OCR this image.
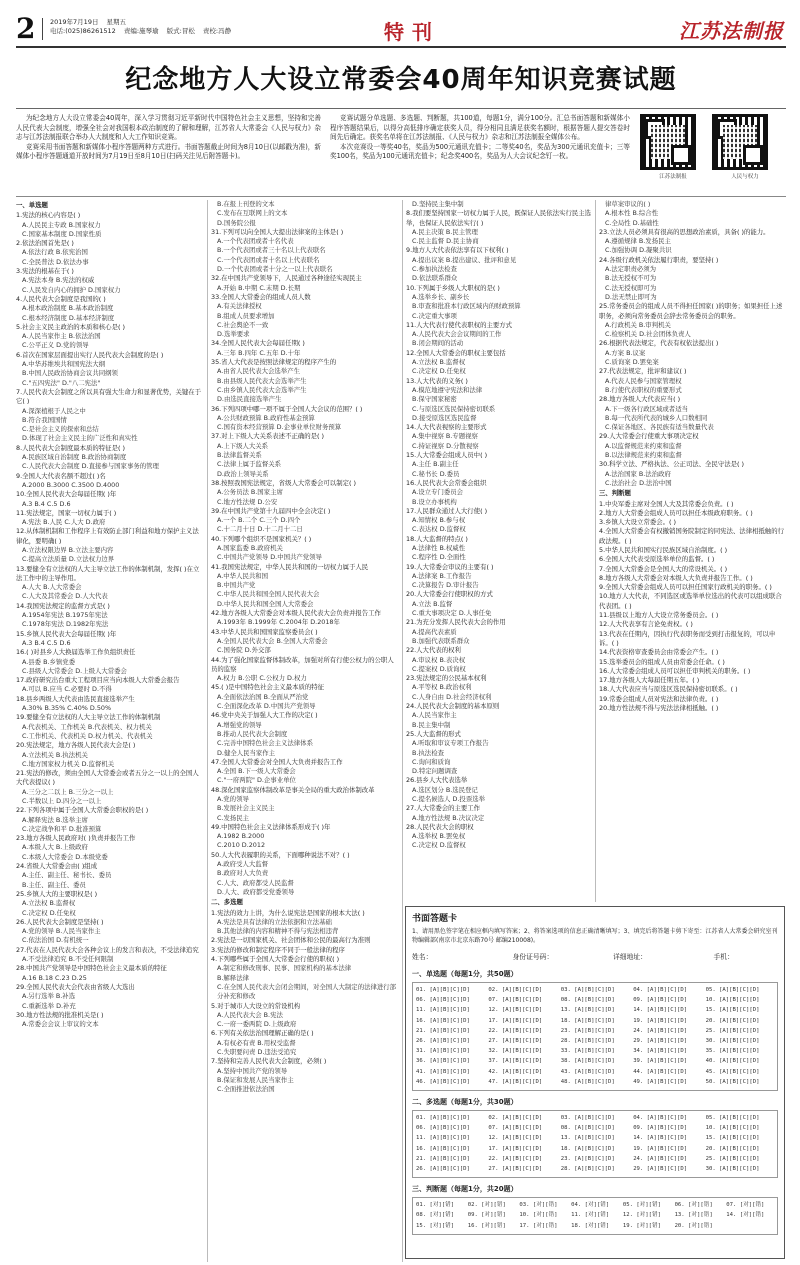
2 2019年7月19日 星期五
电话:(025)86261512 责编:施琴瑜 版式:冒松 责校:冯静	特刊	江苏法制报
纪念地方人大设立常委会40周年知识竞赛试题

为纪念地方人大设立常委会40周年，深入学习贯彻习近平新时代中国特色社会主义思想，坚持和完善人民代表大会制度，增强全社会对我国根本政治制度的了解和理解，江苏省人大常委会《人民与权力》杂志与江苏法制报联合举办人大制度和人大工作知识竞赛。

竞赛采用书面答题和新媒体小程序答题两种方式进行。书面答题截止时间为8月10日(以邮戳为准)，新媒体小程序答题通道开放时间为7月19日至8月10日(扫码关注见后附答题卡)。

竞赛试题分单选题、多选题、判断题，共100道，每题1分，满分100分。汇总书面答题和新媒体小程序答题结果后，以得分高低排序确定获奖人员，得分相同且满足获奖名额时，根据答题人提交答卷时间先后确定。获奖名单将在江苏法制报、《人民与权力》杂志和江苏法制报全媒体公布。

本次竞赛设一等奖40名，奖品为500元通讯充值卡；二等奖40名，奖品为300元通讯充值卡；三等奖100名，奖品为100元通讯充值卡；纪念奖400名，奖品为人大会议纪念钉一枚。

江苏法制报	人民与权力
一、单选题
1.宪法的核心内容是( )
A.人民民主专政 B.国家权力
C.国家基本制度 D.国家性质
2.依法治国首先是( )
A.依法行政 B.依宪治国
C.全民普法 D.依法办事
3.宪法的根基在于( )
A.宪法本身 B.宪法的权威
C.人民发自内心的拥护 D.国家权力
4.人民代表大会制度是我国的( )
A.根本政治制度 B.基本政治制度
C.根本经济制度 D.基本经济制度
5.社会主义民主政治的本质和核心是( )
A.人民当家作主 B.依法治国
C.公平正义 D.党的领导
6.首次在国家层面提出实行人民代表大会制度的是( )
A.中华苏维埃共和国宪法大纲
B.中国人民政治协商会议共同纲领
C."五四宪法" D."八二宪法"
7.人民代表大会制度之所以具有强大生命力和显著优势，关键在于它( )
A.深深植根于人民之中
B.符合我国国情
C.是社会主义的探索和总结
D.体现了社会主义民主的广泛性和真实性
8.人民代表大会制度最本质的特征是( )
A.民族区域自治制度 B.政治协商制度
C.人民代表大会制度 D.直接参与国家事务的管理
9.全国人大代表名额不超过( )名
A.2000 B.3000 C.3500 D.4000
10.全国人民代表大会每届任期( )年
A.3 B.4 C.5 D.6
11.宪法规定，国家一切权力属于( )
A.宪法 B.人民 C.人大 D.政府
12.从体制机制和工作程序上有效防止部门利益和地方保护主义法律化，要明确( )
A.立法权限边界 B.立法主要内容
C.提高立法质量 D.立法权力边界
13.要健全有立法权的人大主导立法工作的体制机制，发挥( )在立法工作中的主导作用。
A.人大 B.人大常委会
C.人大及其常委会 D.人大代表
14.我国宪法规定的监督方式是( )
A.1954年宪法 B.1975年宪法
C.1978年宪法 D.1982年宪法
15.乡镇人民代表大会每届任期( )年
A.3 B.4 C.5 D.6
16.( )对县乡人大换届选举工作负组织责任
A.县委 B.乡镇党委
C.县级人大常委会 D.上级人大常委会
17.政府研究出台重大工程项目应当向本级人大常委会报告
A.可以 B.应当 C.必要时 D.不得
18.县乡两级人大代表由选民直接选举产生
A.30% B.35% C.40% D.50%
19.要健全有立法权的人大主导立法工作的体制机制
A.代表机关、工作机关 B.代表机关、权力机关
C.工作机关、代表机关 D.权力机关、代表机关
20.宪法规定，地方各级人民代表大会是( )
A.立法机关 B.执法机关
C.地方国家权力机关 D.监督机关
21.宪法的修改，须由全国人大常委会或者五分之一以上的全国人大代表提议( )
A.三分之二以上 B.三分之一以上
C.半数以上 D.四分之一以上
22.下列各项中属于全国人大常委会职权的是( )
A.解释宪法 B.选举主席
C.决定战争和平 D.批准预算
23.地方各级人民政府对( )负责并报告工作
A.本级人大 B.上级政府
C.本级人大常委会 D.本级党委
24.省级人大常委会由( )组成
A.主任、副主任、秘书长、委员
B.主任、副主任、委员
25.乡镇人大的主要职权是( )
A.立法权 B.监督权
C.决定权 D.任免权
26.人民代表大会制度是坚持( )
A.党的领导 B.人民当家作主
C.依法治国 D.有机统一
27.代表在人民代表大会各种会议上的发言和表决，不受法律追究
A.不受法律追究 B.不受任何限制
28.中国共产党领导是中国特色社会主义最本质的特征
A.16 B.18 C.23 D.25
29.全国人民代表大会代表由省级人大选出
A.另行选举 B.补选
C.重新选举 D.补充
30.地方性法规的批准机关是( )
A.常委会会议上审议的文本
B.在报上刊登的文本
C.发布在互联网上的文本
D.国务院公报
31.下列可以向全国人大提出法律案的主体是( )
A.一个代表团或者十名代表
B.一个代表团或者三十名以上代表联名
C.一个代表团或者十名以上代表联名
D.一个代表团或者十分之一以上代表联名
32.在中国共产党领导下，人民通过各种途径实现民主
A.开始 B.中期 C.末期 D.长期
33.全国人大常委会的组成人员人数
A.有关法律授权
B.组成人员要求增加
C.社会舆论不一致
D.选举要求
34.全国人民代表大会每届任期( )
A.三年 B.四年 C.五年 D.十年
35.省人大代表是按照法律规定的程序产生的
A.由省人民代表大会选举产生
B.由县级人民代表大会选举产生
C.由乡镇人民代表大会选举产生
D.由选民直接选举产生
36.下列四项中哪一项不属于全国人大会议的范围？( )
A.公共财政预算 B.政府性基金预算
C.国有资本经营预算 D.企事业单位财务预算
37.对上下级人大关系表述不正确的是( )
A.上下级人大关系
B.法律监督关系
C.法律上属于监督关系
D.政治上领导关系
38.按照我国宪法规定，省级人大常委会可以制定( )
A.公务员法 B.国家主席
C.地方性法规 D.公安
39.在中国共产党第十九届四中全会决定( )
A.一个 B.二个 C.三个 D.四个
C.十二月十日 D.十二月十二日
40.下列哪个组织不是国家机关？( )
A.国家监委 B.政府机关
C.中国共产党领导 D.中国共产党领导
41.我国宪法规定，中华人民共和国的一切权力属于人民
A.中华人民共和国
B.中国共产党
C.中华人民共和国全国人民代表大会
D.中华人民共和国全国人大常委会
42.地方各级人大常委会对本级人民代表大会负责并报告工作
A.1993年 B.1999年 C.2004年 D.2018年
43.中华人民共和国国家监察委员会( )
A.全国人民代表大会 B.全国人大常委会
C.国务院 D.外交部
44.为了强化国家监督体制改革，加强对所有行使公权力的公职人员的监察
A.权力 B.公职 C.公权力 D.权力
45.( )是中国特色社会主义最本质的特征
A.全面依法治国 B.全面从严治党
C.全面深化改革 D.中国共产党领导
46.党中央关于加强人大工作的决定( )
A.增强党的领导
B.推动人民代表大会制度
C.完善中国特色社会主义法律体系
D.健全人民当家作主
47.全国人大常委会对全国人大负责并报告工作
A.全国 B.下一级人大常委会
C."一府两院" D.企事业单位
48.深化国家监察体制改革是事关全局的重大政治体制改革
A.党的领导
B.发展社会主义民主
C.发扬民主
49.中国特色社会主义法律体系形成于( )年
A.1982 B.2000
C.2010 D.2012
50.人大代表履职的关系，下面哪种说法不对？( )
A.政府受人大监督
B.政府对人大负责
C.人大、政府都受人民监督
D.人大、政府都受党委领导
二、多选题
1.宪法的效力上讲，为什么说宪法是国家的根本大法( )
A.宪法是具有法律的立法依据和立法基础
B.其他法律的内容和精神不得与宪法相违背
2.宪法是一切国家机关、社会团体和公民的最高行为准则
3.宪法的修改和制定程序不同于一般法律的程序
4.下列哪些属于全国人大常委会行使的职权( )
A.制定和修改刑事、民事、国家机构的基本法律
B.解释法律
C.在全国人民代表大会闭会期间，对全国人大制定的法律进行部分补充和修改
5.对于城市人大设立的常设机构
A.人民代表大会 B.宪法
C.一府一委两院 D.上级政府
6.下列有关依法治国理解正确的是( )
A.有权必有责 B.用权受监督
C.失职要问责 D.违法受追究
7.坚持和完善人民代表大会制度，必须( )
A.坚持中国共产党的领导
B.保证和发展人民当家作主
C.全面推进依法治国
D.坚持民主集中制
8.我们要坚持国家一切权力属于人民，既保证人民依法实行民主选举，也保证人民依法实行( )
A.民主决策 B.民主管理
C.民主监督 D.民主协商
9.地方人大代表依法享有以下权利( )
A.提出议案 B.提出建议、批评和意见
C.参加执法检查
D.依法联系群众
10.下列属于乡级人大职权的是( )
A.选举乡长、副乡长
B.审查和批准本行政区域内的财政预算
C.决定重大事项
11.人大代表行使代表职权的主要方式
A.人民代表大会会议期间的工作
B.闭会期间的活动
12.全国人大常委会的职权主要包括
A.立法权 B.监督权
C.决定权 D.任免权
13.人大代表的义务( )
A.模范地遵守宪法和法律
B.保守国家秘密
C.与原选区选民保持密切联系
D.接受原选区选民监督
14.人大代表视察的主要形式
A.集中视察 B.专题视察
C.持证视察 D.分散视察
15.人大常委会组成人员中( )
A.主任 B.副主任
C.秘书长 D.委员
16.人民代表大会常委会组织
A.设立专门委员会
B.设立办事机构
17.人民群众通过人大行使( )
A.知情权 B.参与权
C.表达权 D.监督权
18.人大监督的特点( )
A.法律性 B.权威性
C.程序性 D.全面性
19.人大常委会审议的主要有( )
A.法律案 B.工作报告
C.决算报告 D.审计报告
20.人大常委会行使职权的方式
A.立法 B.监督
C.重大事项决定 D.人事任免
21.为充分发挥人民代表大会的作用
A.提高代表素质
B.加强代表联系群众
22.人大代表的权利
A.审议权 B.表决权
C.提案权 D.质询权
23.宪法规定的公民基本权利
A.平等权 B.政治权利
C.人身自由 D.社会经济权利
24.人民代表大会制度的基本原则
A.人民当家作主
B.民主集中制
25.人大监督的形式
A.听取和审议专项工作报告
B.执法检查
C.询问和质询
D.特定问题调查
26.县乡人大代表选举
A.选区划分 B.选民登记
C.提名候选人 D.投票选举
27.人大常委会的主要工作
A.地方性法规 B.决议决定
28.人民代表大会的职权
A.选举权 B.罢免权
C.决定权 D.监督权
律草案审议的( )
A.根本性 B.综合性
C.全局性 D.基础性
23.立法人员必须具有很高的思想政治素质，具备( )的能力。
A.遵循规律 B.发扬民主
C.加强协调 D.凝聚共识
24.各级行政机关依法履行职责，要坚持( )
A.法定职责必须为
B.法无授权不可为
C.法无授权即可为
D.法无禁止即可为
25.常务委员会的组成人员不得担任国家( )的职务；如果担任上述职务，必须向常务委员会辞去常务委员会的职务。
A.行政机关 B.审判机关
C.检察机关 D.社会团体负责人
26.根据代表法规定，代表有权依法提出( )
A.方案 B.议案
C.质询案 D.罢免案
27.代表法规定，批评和建议( )
A.代表人民参与国家管理权
B.行使代表职权的重要形式
28.地方各级人大代表应当( )
A.下一级各行政区域或者适当
B.每一代表所代表的城乡人口数相同
C.保证各地区、各民族有适当数量代表
29.人大常委会行使重大事项决定权
A.以监督规范来约束和监督
B.以法律规范来约束和监督
30.科学立法、严格执法、公正司法、全民守法是( )
A.法治国家 B.法治政府
C.法治社会 D.法治中国
三、判断题
1.中央军委主席对全国人大及其常委会负责。( )
2.地方人大常委会组成人员可以担任本级政府职务。( )
3.乡镇人大设立常委会。( )
4.全国人大常委会有权撤销国务院制定的同宪法、法律相抵触的行政法规。( )
5.中华人民共和国实行民族区域自治制度。( )
6.全国人大代表受原选举单位的监督。( )
7.全国人大常委会是全国人大的常设机关。( )
8.地方各级人大常委会对本级人大负责并报告工作。( )
9.全国人大常委会组成人员可以担任国家行政机关的职务。( )
10.地方人大代表，不同选区或选举单位选出的代表可以组成联合代表团。( )
11.县级以上地方人大设立常务委员会。( )
12.人大代表享有言论免责权。( )
13.代表在任期内，因执行代表职务而受到打击报复的，可以申诉。( )
14.代表资格审查委员会由常委会产生。( )
15.选举委员会的组成人员由常委会任命。( )
16.人大常委会组成人员可以担任审判机关的职务。( )
17.地方各级人大每届任期五年。( )
18.人大代表应当与原选区选民保持密切联系。( )
19.常委会组成人员对宪法和法律负责。( )
20.地方性法规不得与宪法法律相抵触。( )
书面答题卡
1、请用黑色签字笔在相应框内填写答案；2、将答案选项的信息正确清晰填写；3、填完后将答题卡剪下寄至：江苏省人大常委会研究室刊物编辑部(南京市北京东路70号 邮编210008)。
姓名：	身份证号码：	详细地址：	手机：
一、单选题（每题1分，共50题）
01. [A][B][C][D]	02. [A][B][C][D]	03. [A][B][C][D]	04. [A][B][C][D]	05. [A][B][C][D]
06. [A][B][C][D]	07. [A][B][C][D]	08. [A][B][C][D]	09. [A][B][C][D]	10. [A][B][C][D]
11. [A][B][C][D]	12. [A][B][C][D]	13. [A][B][C][D]	14. [A][B][C][D]	15. [A][B][C][D]
16. [A][B][C][D]	17. [A][B][C][D]	18. [A][B][C][D]	19. [A][B][C][D]	20. [A][B][C][D]
21. [A][B][C][D]	22. [A][B][C][D]	23. [A][B][C][D]	24. [A][B][C][D]	25. [A][B][C][D]
26. [A][B][C][D]	27. [A][B][C][D]	28. [A][B][C][D]	29. [A][B][C][D]	30. [A][B][C][D]
31. [A][B][C][D]	32. [A][B][C][D]	33. [A][B][C][D]	34. [A][B][C][D]	35. [A][B][C][D]
36. [A][B][C][D]	37. [A][B][C][D]	38. [A][B][C][D]	39. [A][B][C][D]	40. [A][B][C][D]
41. [A][B][C][D]	42. [A][B][C][D]	43. [A][B][C][D]	44. [A][B][C][D]	45. [A][B][C][D]
46. [A][B][C][D]	47. [A][B][C][D]	48. [A][B][C][D]	49. [A][B][C][D]	50. [A][B][C][D]
二、多选题（每题1分，共30题）
01. [A][B][C][D]	02. [A][B][C][D]	03. [A][B][C][D]	04. [A][B][C][D]	05. [A][B][C][D]
06. [A][B][C][D]	07. [A][B][C][D]	08. [A][B][C][D]	09. [A][B][C][D]	10. [A][B][C][D]
11. [A][B][C][D]	12. [A][B][C][D]	13. [A][B][C][D]	14. [A][B][C][D]	15. [A][B][C][D]
16. [A][B][C][D]	17. [A][B][C][D]	18. [A][B][C][D]	19. [A][B][C][D]	20. [A][B][C][D]
21. [A][B][C][D]	22. [A][B][C][D]	23. [A][B][C][D]	24. [A][B][C][D]	25. [A][B][C][D]
26. [A][B][C][D]	27. [A][B][C][D]	28. [A][B][C][D]	29. [A][B][C][D]	30. [A][B][C][D]
三、判断题（每题1分，共20题）
01. [对][错]	02. [对][错]	03. [对][错]	04. [对][错]	05. [对][错]	06. [对][错]	07. [对][错]
08. [对][错]	09. [对][错]	10. [对][错]	11. [对][错]	12. [对][错]	13. [对][错]	14. [对][错]
15. [对][错]	16. [对][错]	17. [对][错]	18. [对][错]	19. [对][错]	20. [对][错]
